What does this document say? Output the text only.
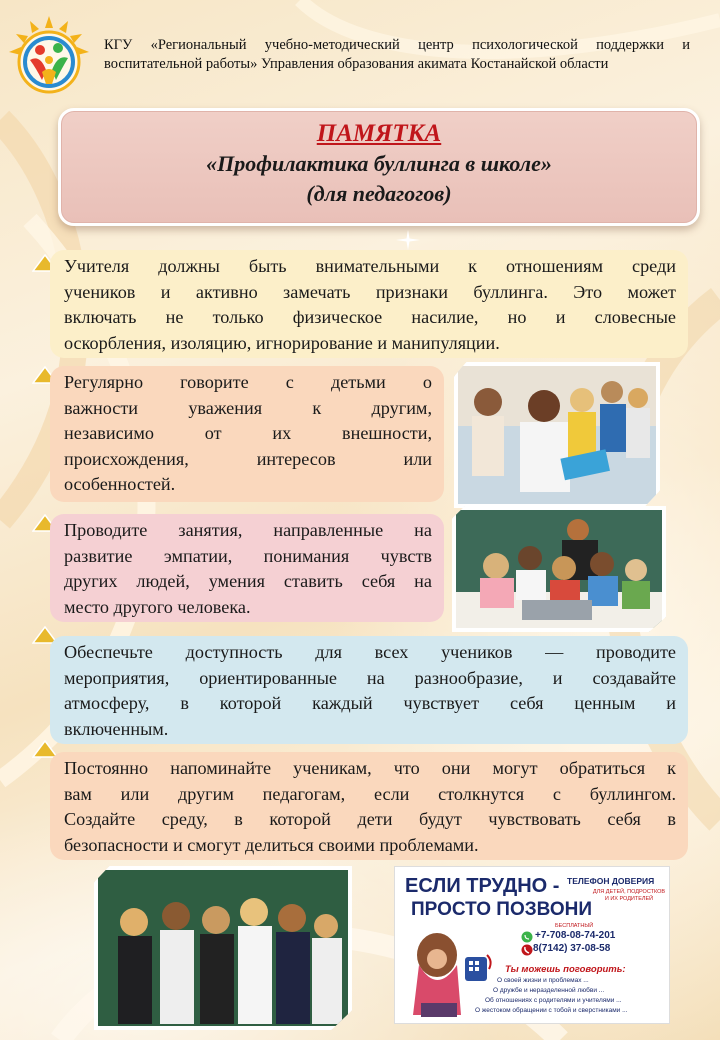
КГУ «Региональный учебно-методический центр психологической поддержки и воспитательной работы» Управления образования акимата Костанайской области
ПАМЯТКА
«Профилактика буллинга в школе»
(для педагогов)
Учителя должны быть внимательными к отношениям среди
учеников и активно замечать признаки буллинга. Это может
включать не только физическое насилие, но и словесные
оскорбления, изоляцию, игнорирование и манипуляции.
Регулярно говорите с детьми о
важности уважения к другим,
независимо от их внешности,
происхождения, интересов или
особенностей.
Проводите занятия, направленные на
развитие эмпатии, понимания чувств
других людей, умения ставить себя на
место другого человека.
Обеспечьте доступность для всех учеников — проводите
мероприятия, ориентированные на разнообразие, и создавайте
атмосферу, в которой каждый чувствует себя ценным и
включенным.
Постоянно напоминайте ученикам, что они могут обратиться к
вам или другим педагогам, если столкнутся с буллингом.
Создайте среду, в которой дети будут чувствовать себя в
безопасности и смогут делиться своими проблемами.
ЕСЛИ ТРУДНО -
ПРОСТО ПОЗВОНИ
ТЕЛЕФОН ДОВЕРИЯ
ДЛЯ ДЕТЕЙ, ПОДРОСТКОВ И ИХ РОДИТЕЛЕЙ
БЕСПЛАТНЫЙ
+7-708-08-74-201
8(7142) 37-08-58
Ты можешь поговорить:
О своей жизни и проблемах ...
О дружбе и неразделенной любви ...
Об отношениях с родителями и учителями ...
О жестоком обращении с тобой и сверстниками ...
